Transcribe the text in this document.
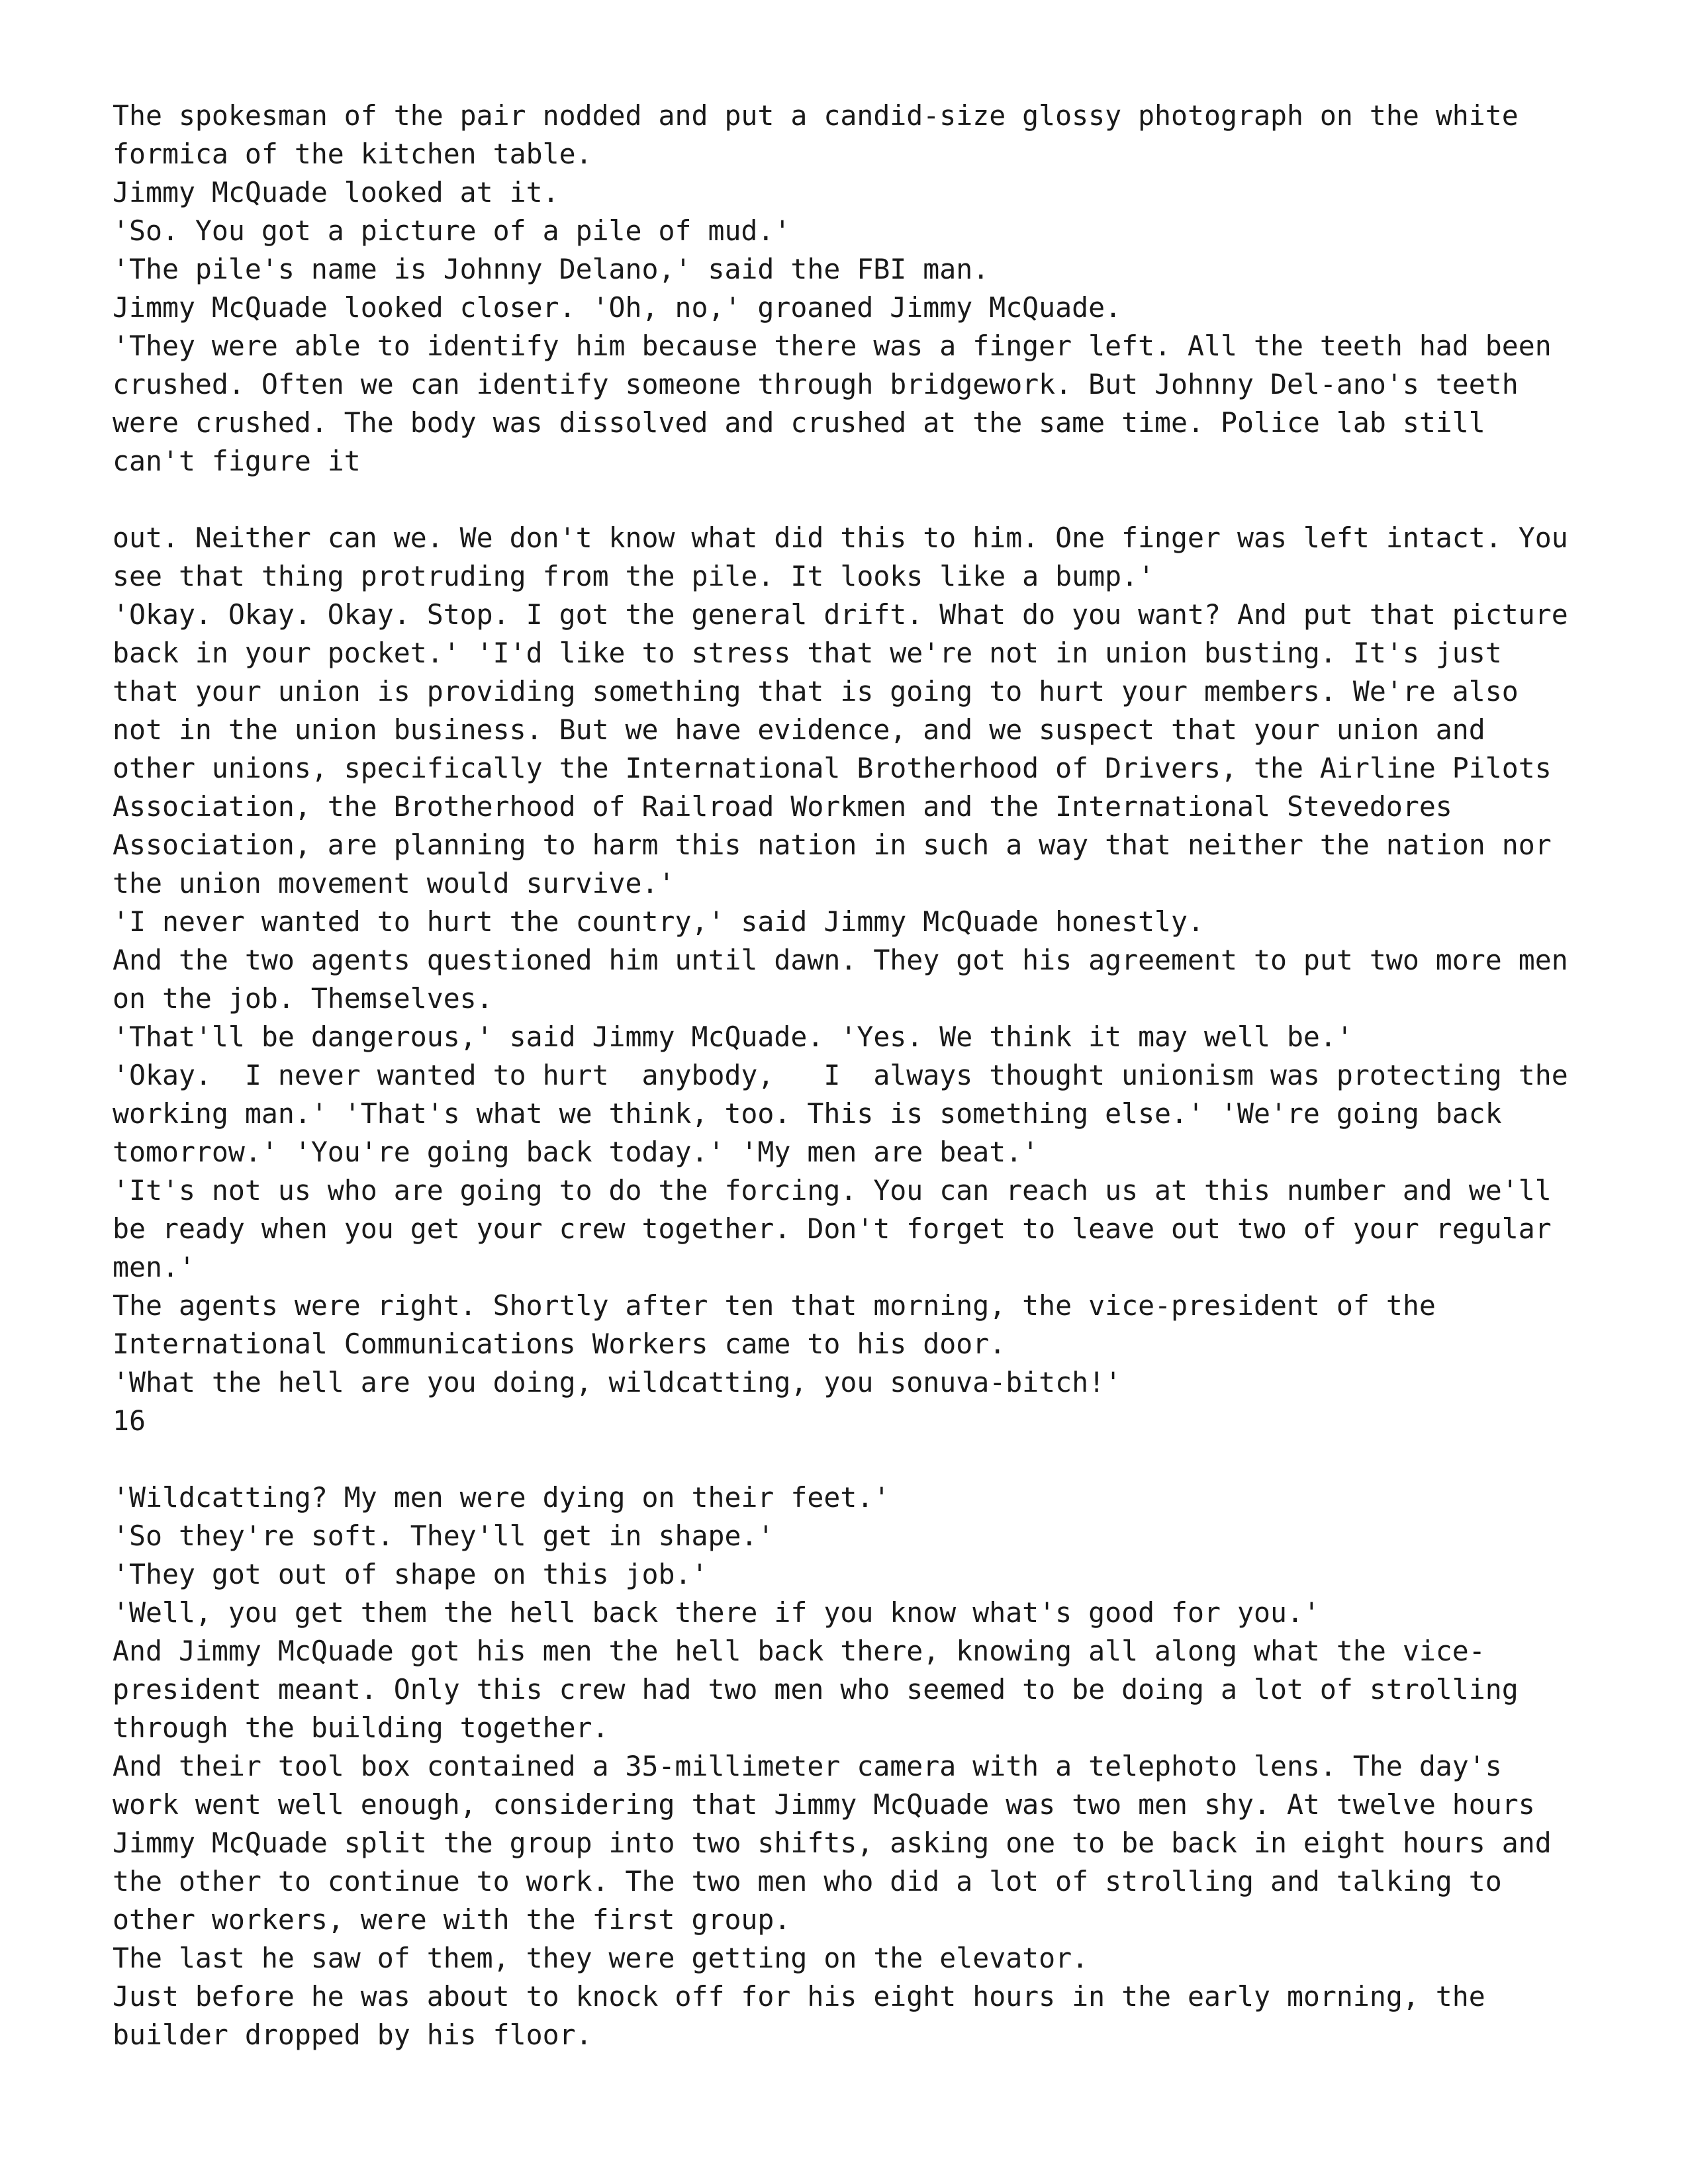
The spokesman of the pair nodded and put a candid-size glossy photograph on the white
formica of the kitchen table.
Jimmy McQuade looked at it.
'So. You got a picture of a pile of mud.'
'The pile's name is Johnny Delano,' said the FBI man.
Jimmy McQuade looked closer. 'Oh, no,' groaned Jimmy McQuade.
'They were able to identify him because there was a finger left. All the teeth had been
crushed. Often we can identify someone through bridgework. But Johnny Del-ano's teeth
were crushed. The body was dissolved and crushed at the same time. Police lab still
can't figure it
out. Neither can we. We don't know what did this to him. One finger was left intact. You
see that thing protruding from the pile. It looks like a bump.'
'Okay. Okay. Okay. Stop. I got the general drift. What do you want? And put that picture
back in your pocket.' 'I'd like to stress that we're not in union busting. It's just
that your union is providing something that is going to hurt your members. We're also
not in the union business. But we have evidence, and we suspect that your union and
other unions, specifically the International Brotherhood of Drivers, the Airline Pilots
Association, the Brotherhood of Railroad Workmen and the International Stevedores
Association, are planning to harm this nation in such a way that neither the nation nor
the union movement would survive.'
'I never wanted to hurt the country,' said Jimmy McQuade honestly.
And the two agents questioned him until dawn. They got his agreement to put two more men
on the job. Themselves.
'That'll be dangerous,' said Jimmy McQuade. 'Yes. We think it may well be.'
'Okay.  I never wanted to hurt  anybody,   I  always thought unionism was protecting the
working man.' 'That's what we think, too. This is something else.' 'We're going back
tomorrow.' 'You're going back today.' 'My men are beat.'
'It's not us who are going to do the forcing. You can reach us at this number and we'll
be ready when you get your crew together. Don't forget to leave out two of your regular
men.'
The agents were right. Shortly after ten that morning, the vice-president of the
International Communications Workers came to his door.
'What the hell are you doing, wildcatting, you sonuva-bitch!'
16
'Wildcatting? My men were dying on their feet.'
'So they're soft. They'll get in shape.'
'They got out of shape on this job.'
'Well, you get them the hell back there if you know what's good for you.'
And Jimmy McQuade got his men the hell back there, knowing all along what the vice-
president meant. Only this crew had two men who seemed to be doing a lot of strolling
through the building together.
And their tool box contained a 35-millimeter camera with a telephoto lens. The day's
work went well enough, considering that Jimmy McQuade was two men shy. At twelve hours
Jimmy McQuade split the group into two shifts, asking one to be back in eight hours and
the other to continue to work. The two men who did a lot of strolling and talking to
other workers, were with the first group.
The last he saw of them, they were getting on the elevator.
Just before he was about to knock off for his eight hours in the early morning, the
builder dropped by his floor.
